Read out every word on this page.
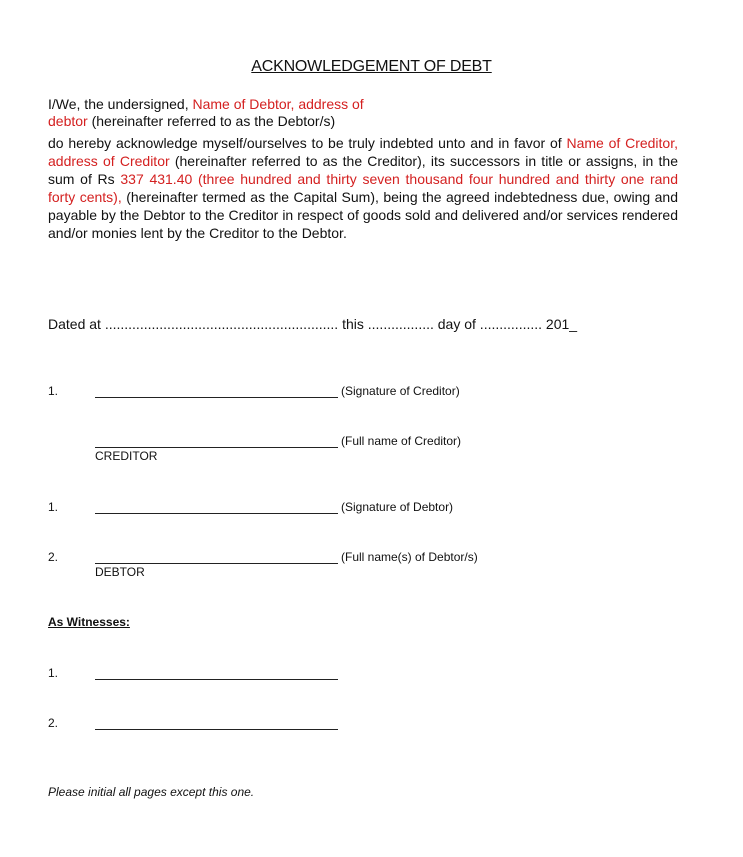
ACKNOWLEDGEMENT OF DEBT
I/We, the undersigned, Name of Debtor, address of
debtor (hereinafter referred to as the Debtor/s)
do hereby acknowledge myself/ourselves to be truly indebted unto and in favor of Name of Creditor, address of Creditor (hereinafter referred to as the Creditor), its successors in title or assigns, in the sum of Rs 337 431.40 (three hundred and thirty seven thousand four hundred and thirty one rand forty cents), (hereinafter termed as the Capital Sum), being the agreed indebtedness due, owing and payable by the Debtor to the Creditor in respect of goods sold and delivered and/or services rendered and/or monies lent by the Creditor to the Debtor.
Dated at ............................................................ this ................. day of ................ 201_
1.	(Signature of Creditor)
(Full name of Creditor)
CREDITOR
1.	(Signature of Debtor)
2.	(Full name(s) of Debtor/s)
DEBTOR
As Witnesses:
1.
2.
Please initial all pages except this one.
